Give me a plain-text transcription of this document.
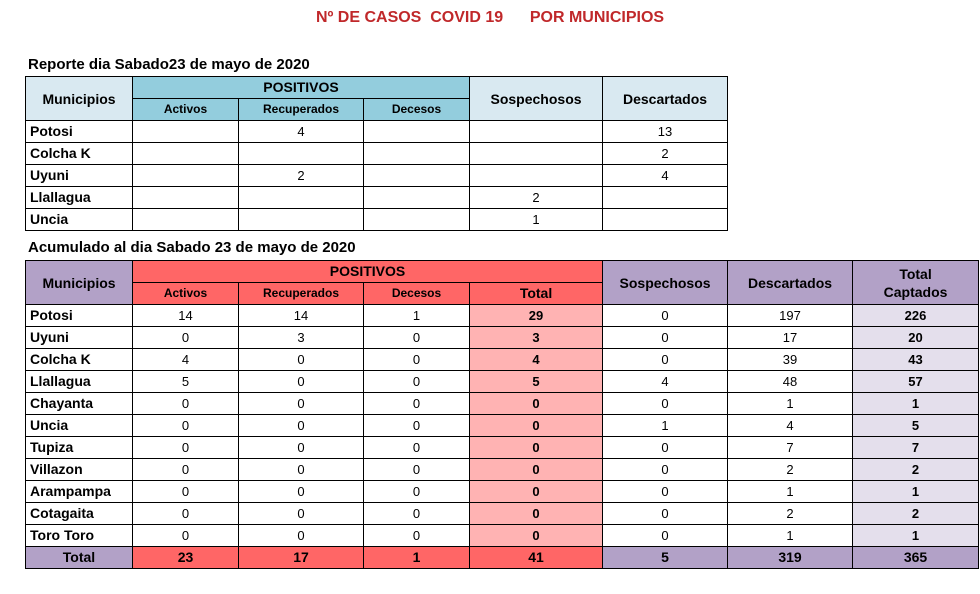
Nº DE CASOS  COVID 19      POR MUNICIPIOS
Reporte dia Sabado23 de mayo de 2020
Municipios	POSITIVOS			Sospechosos	Descartados
	Activos	Recuperados	Decesos		
Potosi		4			13
Colcha K					2
Uyuni		2			4
Llallagua				2	
Uncia				1	
Acumulado al dia Sabado 23 de mayo de 2020
Municipios	POSITIVOS				Sospechosos	Descartados	Total
Captados

	Activos	Recuperados	Decesos	Total			
Potosi	14	14	1	29	0	197	226
Uyuni	0	3	0	3	0	17	20
Colcha K	4	0	0	4	0	39	43
Llallagua	5	0	0	5	4	48	57
Chayanta	0	0	0	0	0	1	1
Uncia	0	0	0	0	1	4	5
Tupiza	0	0	0	0	0	7	7
Villazon	0	0	0	0	0	2	2
Arampampa	0	0	0	0	0	1	1
Cotagaita	0	0	0	0	0	2	2
Toro Toro	0	0	0	0	0	1	1
Total	23	17	1	41	5	319	365
